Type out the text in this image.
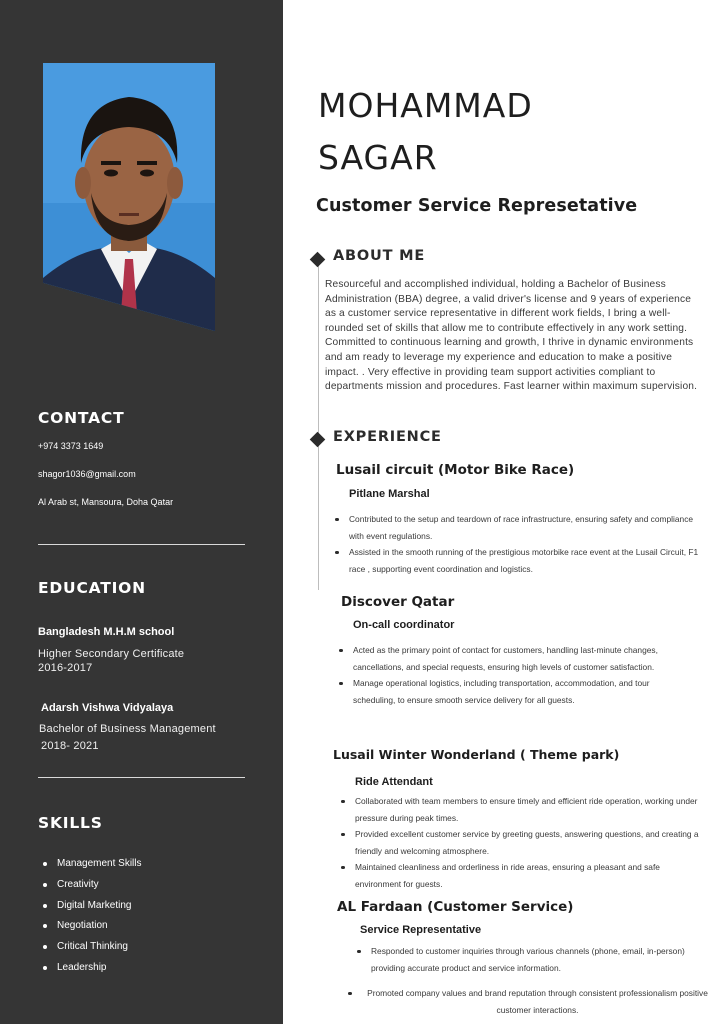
CONTACT
+974 3373 1649
shagor1036@gmail.com
Al Arab st, Mansoura, Doha Qatar
EDUCATION
Bangladesh M.H.M school
Higher Secondary Certificate
2016-2017
Adarsh Vishwa Vidyalaya
Bachelor of Business Management
2018- 2021
SKILLS
Management Skills
Creativity
Digital Marketing
Negotiation
Critical Thinking
Leadership
MOHAMMAD
SAGAR
Customer Service Represetative
ABOUT ME

Resourceful and accomplished individual, holding a Bachelor of Business Administration (BBA) degree, a valid driver's license and 9 years of experience as a customer service representative in different work fields, I bring a well-rounded set of skills that allow me to contribute effectively in any work setting. Committed to continuous learning and growth, I thrive in dynamic environments and am ready to leverage my experience and education to make a positive impact. . Very effective in providing team support activities compliant to departments mission and procedures. Fast learner within maximum supervision.

EXPERIENCE
Lusail circuit (Motor Bike Race)
Pitlane Marshal
Contributed to the setup and teardown of race infrastructure, ensuring safety and compliance with event regulations.
Assisted in the smooth running of the prestigious motorbike race event at the Lusail Circuit, F1 race , supporting event coordination and logistics.
Discover Qatar
On-call coordinator
Acted as the primary point of contact for customers, handling last-minute changes, cancellations, and special requests, ensuring high levels of customer satisfaction.
Manage operational logistics, including transportation, accommodation, and tour scheduling, to ensure smooth service delivery for all guests.
Lusail Winter Wonderland ( Theme park)
Ride Attendant
Collaborated with team members to ensure timely and efficient ride operation, working under pressure during peak times.
Provided excellent customer service by greeting guests, answering questions, and creating a friendly and welcoming atmosphere.
Maintained cleanliness and orderliness in ride areas, ensuring a pleasant and safe environment for guests.
AL Fardaan (Customer Service)
Service Representative
Responded to customer inquiries through various channels (phone, email, in-person) providing accurate product and service information.
Promoted company values and brand reputation through consistent professionalism positive customer interactions.
